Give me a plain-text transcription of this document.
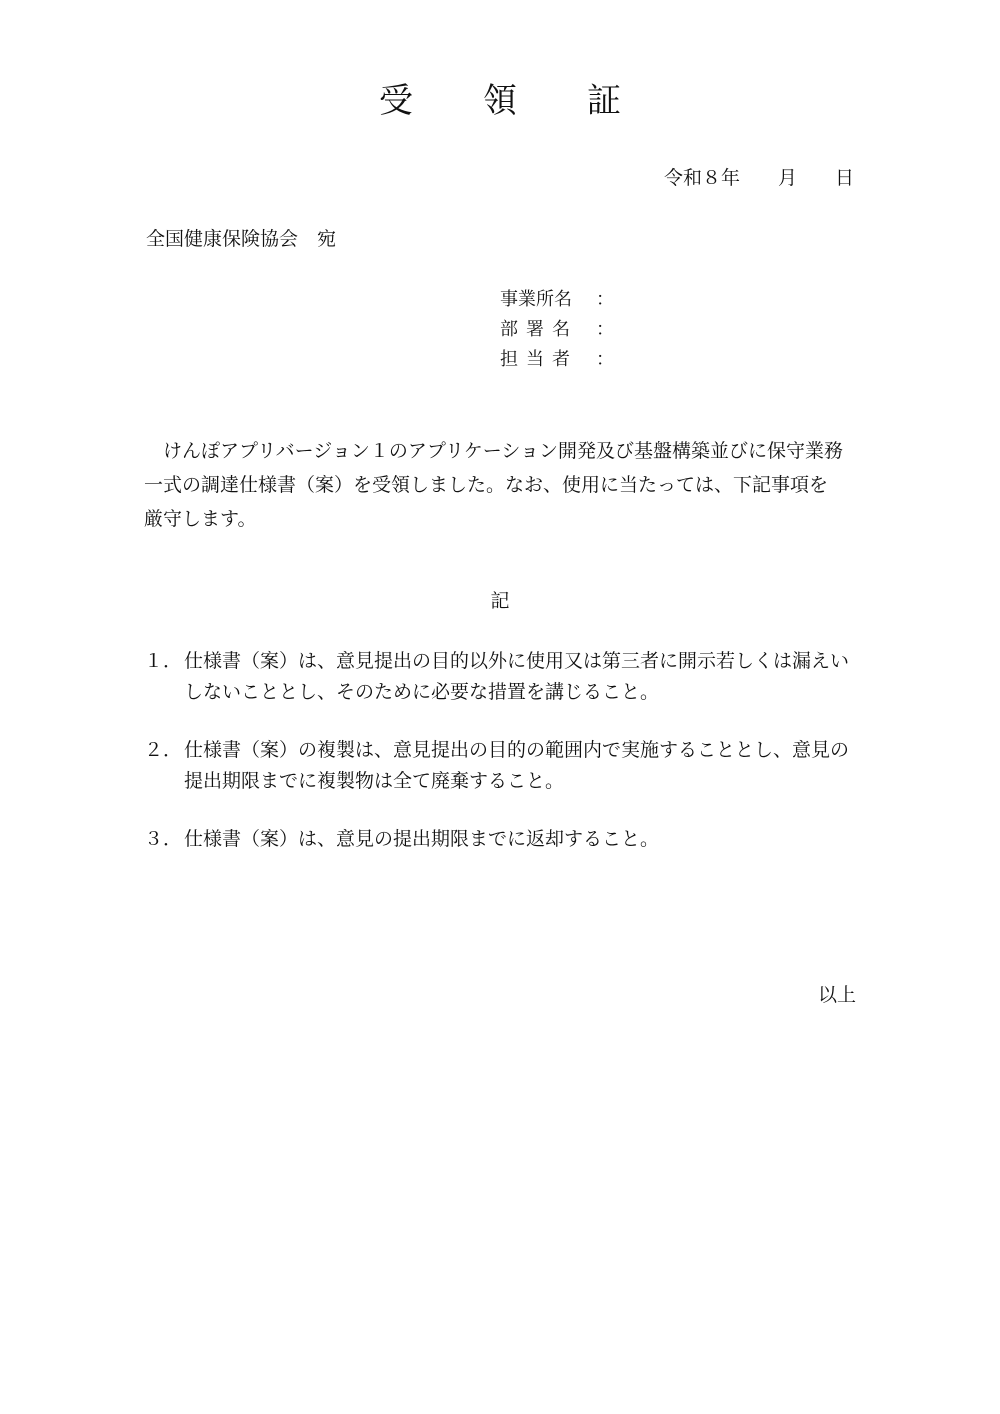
受 領 証
令和８年　　月　　日
全国健康保険協会　宛
事業所名 ：
部署名 ：
担当者 ：

けんぽアプリバージョン１のアプリケーション開発及び基盤構築並びに保守業務一式の調達仕様書（案）を受領しました。なお、使用に当たっては、下記事項を厳守します。

記
１． 仕様書（案）は、意見提出の目的以外に使用又は第三者に開示若しくは漏えいしないこととし、そのために必要な措置を講じること。
２． 仕様書（案）の複製は、意見提出の目的の範囲内で実施することとし、意見の提出期限までに複製物は全て廃棄すること。
３． 仕様書（案）は、意見の提出期限までに返却すること。
以上
